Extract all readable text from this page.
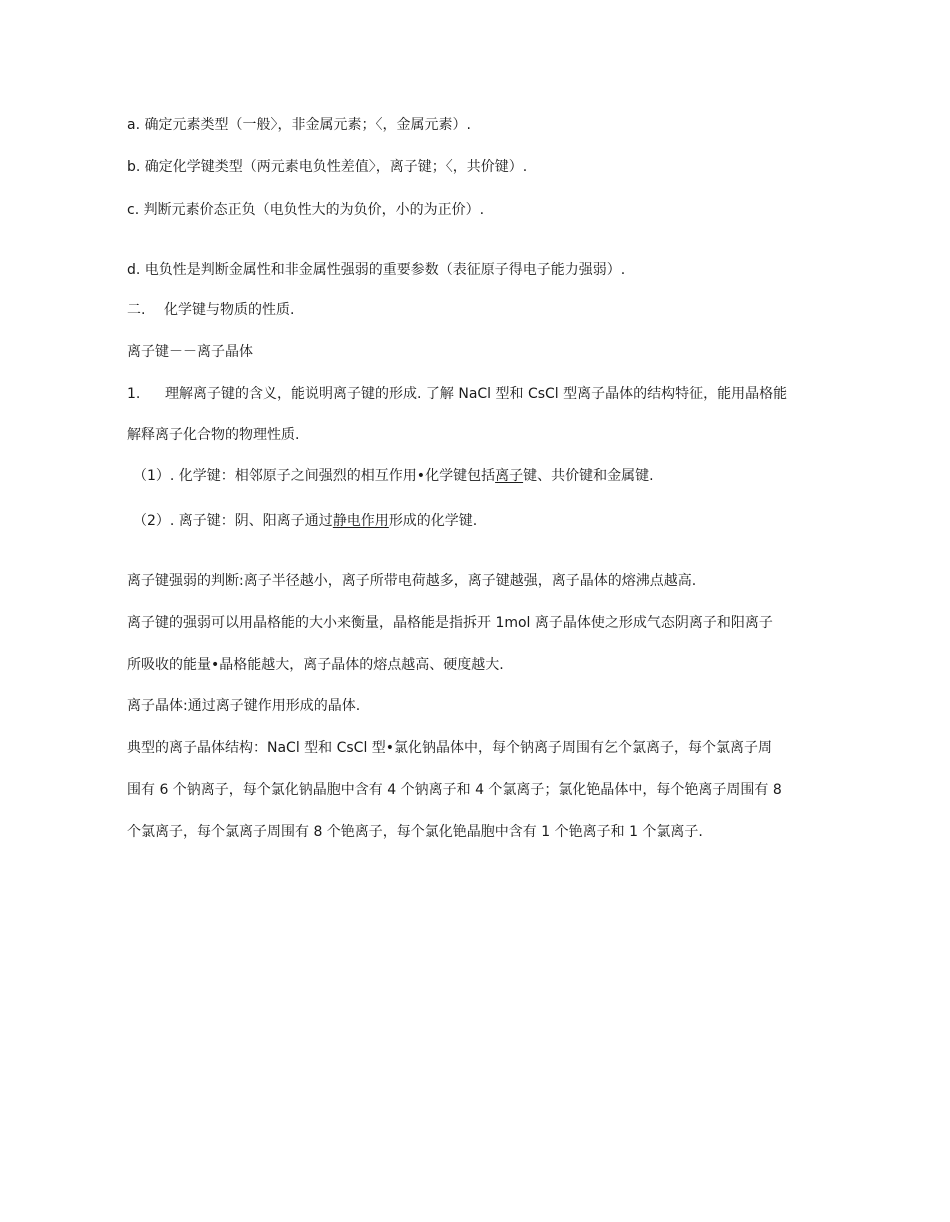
a. 确定元素类型（一般〉，非金属元素；〈，金属元素）.
b. 确定化学键类型（两元素电负性差值〉，离子键；〈，共价键）.
c. 判断元素价态正负（电负性大的为负价，小的为正价）.
d. 电负性是判断金属性和非金属性强弱的重要参数（表征原子得电子能力强弱）.
二. 化学键与物质的性质.
离子键－－离子晶体
1. 理解离子键的含义，能说明离子键的形成. 了解 NaCl 型和 CsCl 型离子晶体的结构特征，能用晶格能
解释离子化合物的物理性质.
（1）. 化学键：相邻原子之间强烈的相互作用•化学键包括离子键、共价键和金属键.
（2）. 离子键：阴、阳离子通过静电作用形成的化学键.
离子键强弱的判断:离子半径越小，离子所带电荷越多，离子键越强，离子晶体的熔沸点越高.
离子键的强弱可以用晶格能的大小来衡量，晶格能是指拆开 1mol 离子晶体使之形成气态阴离子和阳离子
所吸收的能量•晶格能越大，离子晶体的熔点越高、硬度越大.
离子晶体:通过离子键作用形成的晶体.
典型的离子晶体结构：NaCl 型和 CsCl 型•氯化钠晶体中，每个钠离子周围有乞个氯离子，每个氯离子周
围有 6 个钠离子，每个氯化钠晶胞中含有 4 个钠离子和 4 个氯离子；氯化铯晶体中，每个铯离子周围有 8
个氯离子，每个氯离子周围有 8 个铯离子，每个氯化铯晶胞中含有 1 个铯离子和 1 个氯离子.
